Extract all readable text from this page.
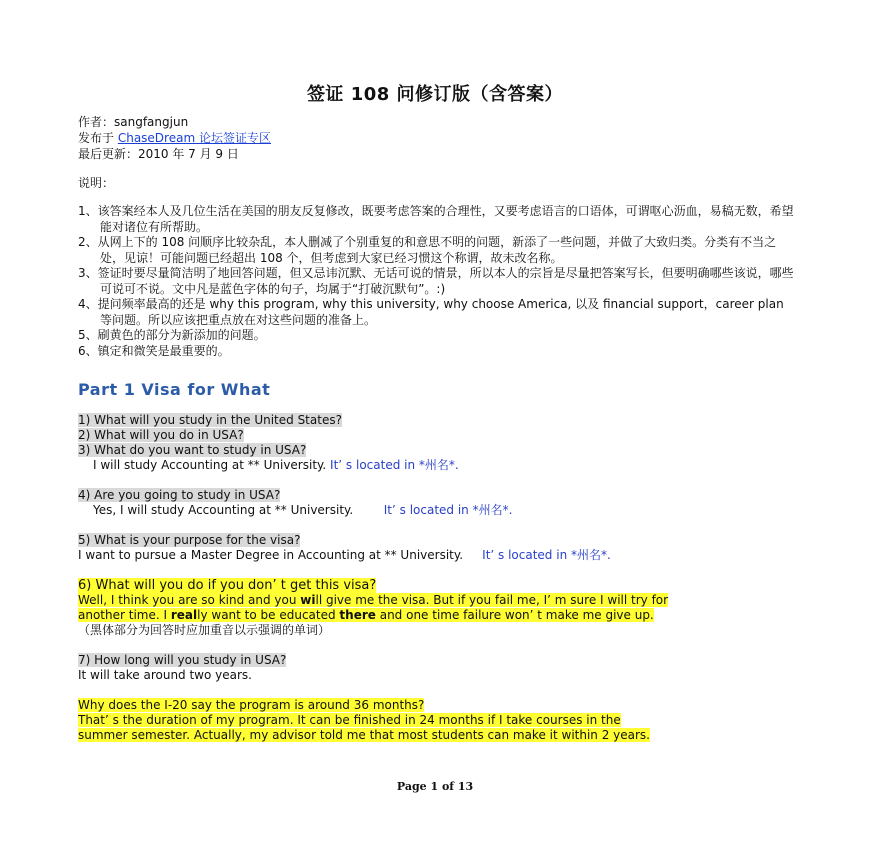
签证 108 问修订版（含答案）
作者：sangfangjun
发布于 ChaseDream 论坛签证专区
最后更新：2010 年 7 月 9 日
说明：
1、该答案经本人及几位生活在美国的朋友反复修改，既要考虑答案的合理性，又要考虑语言的口语体，可谓呕心沥血，易稿无数，希望能对诸位有所帮助。
2、从网上下的 108 问顺序比较杂乱，本人删减了个别重复的和意思不明的问题，新添了一些问题，并做了大致归类。分类有不当之处，见谅！可能问题已经超出 108 个，但考虑到大家已经习惯这个称谓，故未改名称。
3、签证时要尽量简洁明了地回答问题，但又忌讳沉默、无话可说的情景，所以本人的宗旨是尽量把答案写长，但要明确哪些该说，哪些可说可不说。文中凡是蓝色字体的句子，均属于“打破沉默句”。:)
4、提问频率最高的还是 why this program, why this university, why choose America, 以及 financial support，career plan 等问题。所以应该把重点放在对这些问题的准备上。
5、刷黄色的部分为新添加的问题。
6、镇定和微笑是最重要的。
Part 1 Visa for What
1) What will you study in the United States?
2) What will you do in USA?
3) What do you want to study in USA?
I will study Accounting at ** University. It’ s located in *州名*.
4) Are you going to study in USA?
Yes, I will study Accounting at ** University.        It’ s located in *州名*.
5) What is your purpose for the visa?
I want to pursue a Master Degree in Accounting at ** University.     It’ s located in *州名*.
6) What will you do if you don’ t get this visa?
Well, I think you are so kind and you will give me the visa. But if you fail me, I’ m sure I will try for
another time. I really want to be educated there and one time failure won’ t make me give up.
（黑体部分为回答时应加重音以示强调的单词）
7) How long will you study in USA?
It will take around two years.
Why does the I-20 say the program is around 36 months?
That’ s the duration of my program. It can be finished in 24 months if I take courses in the
summer semester. Actually, my advisor told me that most students can make it within 2 years.
Page 1 of 13
